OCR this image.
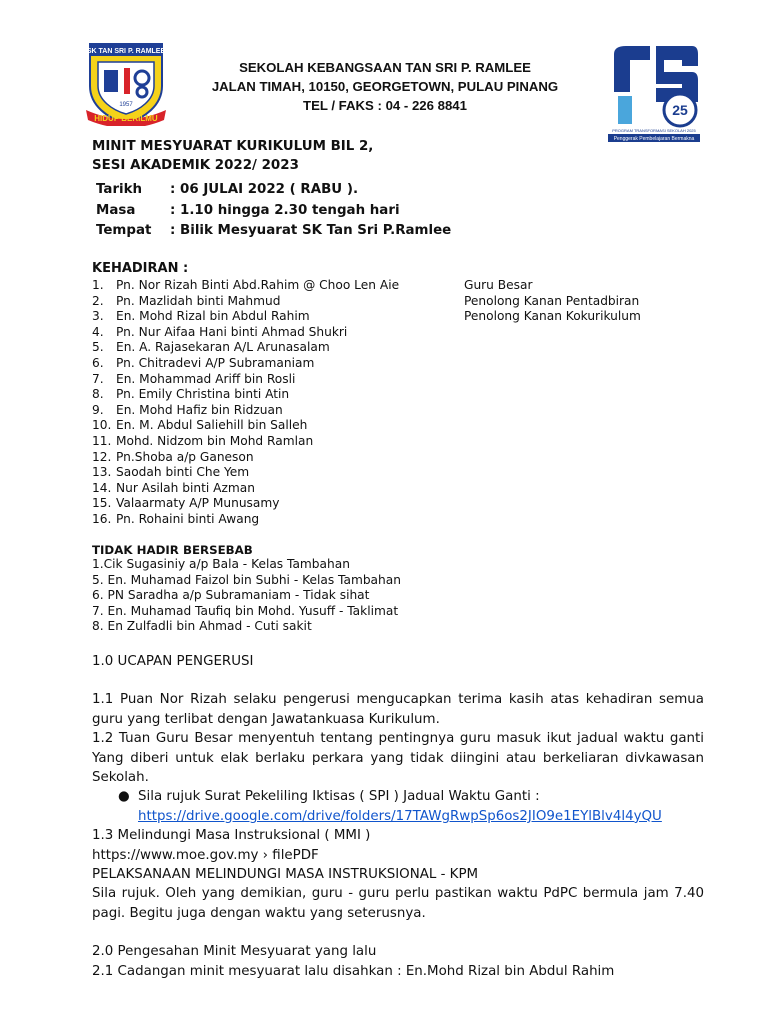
SK TAN SRI P. RAMLEE
1957
HIDUP BERILMU
SEKOLAH KEBANGSAAN TAN SRI P. RAMLEE
JALAN TIMAH, 10150, GEORGETOWN, PULAU PINANG
TEL / FAKS : 04 - 226 8841	25
PROGRAM TRANSFORMASI SEKOLAH 2025
Penggerak Pembelajaran Bermakna
MINIT MESYUARAT KURIKULUM BIL 2,
SESI AKADEMIK 2022/ 2023
Tarikh	: 06 JULAI 2022 ( RABU ).
Masa	: 1.10 hingga 2.30 tengah hari
Tempat	: Bilik Mesyuarat SK Tan Sri P.Ramlee
KEHADIRAN :
1.	Pn. Nor Rizah Binti Abd.Rahim @ Choo Len Aie	Guru Besar
2.	Pn. Mazlidah binti Mahmud	Penolong Kanan Pentadbiran
3.	En. Mohd Rizal bin Abdul Rahim	Penolong Kanan Kokurikulum
4.	Pn. Nur Aifaa Hani binti Ahmad Shukri
5.	En. A. Rajasekaran A/L Arunasalam
6.	Pn. Chitradevi A/P Subramaniam
7.	En. Mohammad Ariff bin Rosli
8.	Pn. Emily Christina binti Atin
9.	En. Mohd Hafiz bin Ridzuan
10. En. M. Abdul Saliehill bin Salleh
11. Mohd. Nidzom bin Mohd Ramlan
12. Pn.Shoba a/p Ganeson
13. Saodah binti Che Yem
14. Nur Asilah binti Azman
15. Valaarmaty A/P Munusamy
16. Pn. Rohaini binti Awang
TIDAK HADIR BERSEBAB
1.Cik Sugasiniy a/p Bala - Kelas Tambahan
5. En. Muhamad Faizol bin Subhi - Kelas Tambahan
6. PN Saradha a/p Subramaniam - Tidak sihat
7. En. Muhamad Taufiq bin Mohd. Yusuff - Taklimat
8. En Zulfadli bin Ahmad - Cuti sakit
1.0 UCAPAN PENGERUSI
1.1 Puan Nor Rizah selaku pengerusi mengucapkan terima kasih atas kehadiran semua guru yang terlibat dengan Jawatankuasa Kurikulum.
1.2 Tuan Guru Besar menyentuh tentang pentingnya guru masuk ikut jadual waktu ganti Yang diberi untuk elak berlaku perkara yang tidak diingini atau berkeliaran divkawasan Sekolah.
● Sila rujuk Surat Pekeliling Iktisas ( SPI ) Jadual Waktu Ganti :
https://drive.google.com/drive/folders/17TAWgRwpSp6os2JIO9e1EYlBlv4l4yQU
1.3 Melindungi Masa Instruksional ( MMI )
https://www.moe.gov.my › filePDF
PELAKSANAAN MELINDUNGI MASA INSTRUKSIONAL - KPM
Sila rujuk. Oleh yang demikian, guru - guru perlu pastikan waktu PdPC bermula jam 7.40 pagi. Begitu juga dengan waktu yang seterusnya.
2.0 Pengesahan Minit Mesyuarat yang lalu
2.1 Cadangan minit mesyuarat lalu disahkan : En.Mohd Rizal bin Abdul Rahim
